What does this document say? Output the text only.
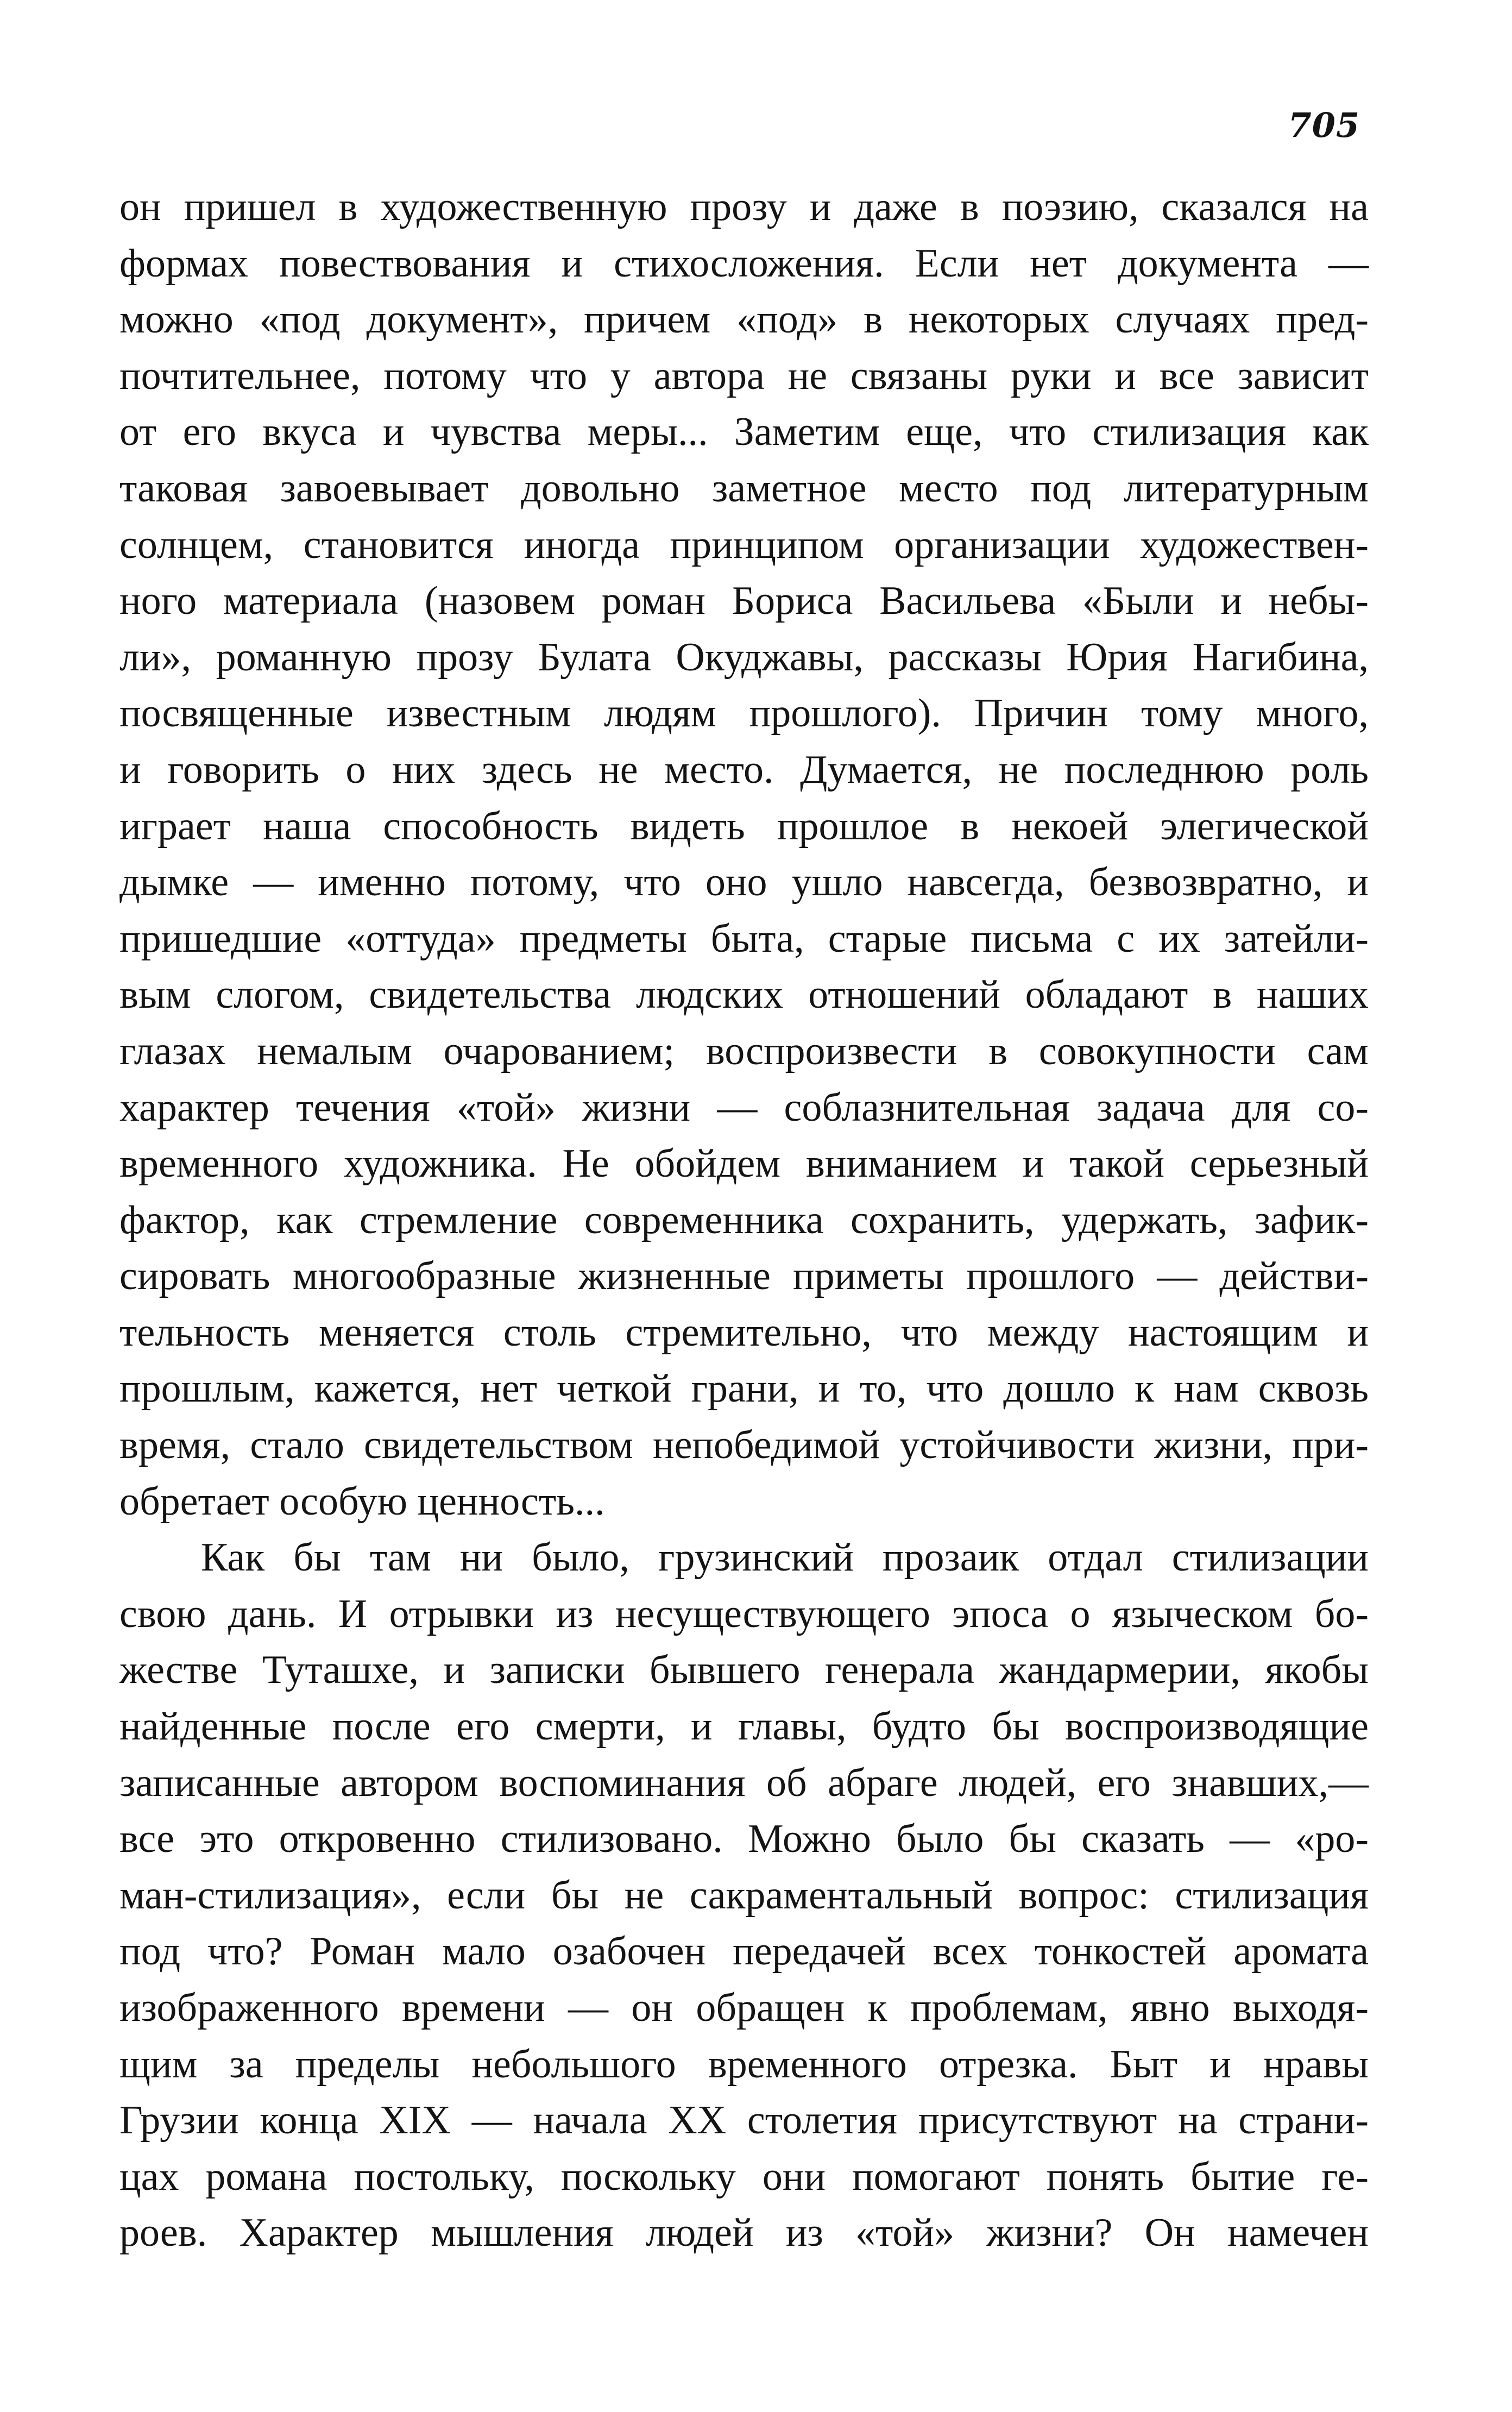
705

он пришел в художественную прозу и даже в поэзию, сказался на
формах повествования и стихосложения. Если нет документа —
можно «под документ», причем «под» в некоторых случаях пред-
почтительнее, потому что у автора не связаны руки и все зависит
от его вкуса и чувства меры... Заметим еще, что стилизация как
таковая завоевывает довольно заметное место под литературным
солнцем, становится иногда принципом организации художествен-
ного материала (назовем роман Бориса Васильева «Были и небы-
ли», романную прозу Булата Окуджавы, рассказы Юрия Нагибина,
посвященные известным людям прошлого). Причин тому много,
и говорить о них здесь не место. Думается, не последнюю роль
играет наша способность видеть прошлое в некоей элегической
дымке — именно потому, что оно ушло навсегда, безвозвратно, и
пришедшие «оттуда» предметы быта, старые письма с их затейли-
вым слогом, свидетельства людских отношений обладают в наших
глазах немалым очарованием; воспроизвести в совокупности сам
характер течения «той» жизни — соблазнительная задача для со-
временного художника. Не обойдем вниманием и такой серьезный
фактор, как стремление современника сохранить, удержать, зафик-
сировать многообразные жизненные приметы прошлого — действи-
тельность меняется столь стремительно, что между настоящим и
прошлым, кажется, нет четкой грани, и то, что дошло к нам сквозь
время, стало свидетельством непобедимой устойчивости жизни, при-
обретает особую ценность...

Как бы там ни было, грузинский прозаик отдал стилизации
свою дань. И отрывки из несуществующего эпоса о языческом бо-
жестве Туташхе, и записки бывшего генерала жандармерии, якобы
найденные после его смерти, и главы, будто бы воспроизводящие
записанные автором воспоминания об абраге людей, его знавших,—
все это откровенно стилизовано. Можно было бы сказать — «ро-
ман-стилизация», если бы не сакраментальный вопрос: стилизация
под что? Роман мало озабочен передачей всех тонкостей аромата
изображенного времени — он обращен к проблемам, явно выходя-
щим за пределы небольшого временного отрезка. Быт и нравы
Грузии конца XIX — начала XX столетия присутствуют на страни-
цах романа постольку, поскольку они помогают понять бытие ге-
роев. Характер мышления людей из «той» жизни? Он намечен
